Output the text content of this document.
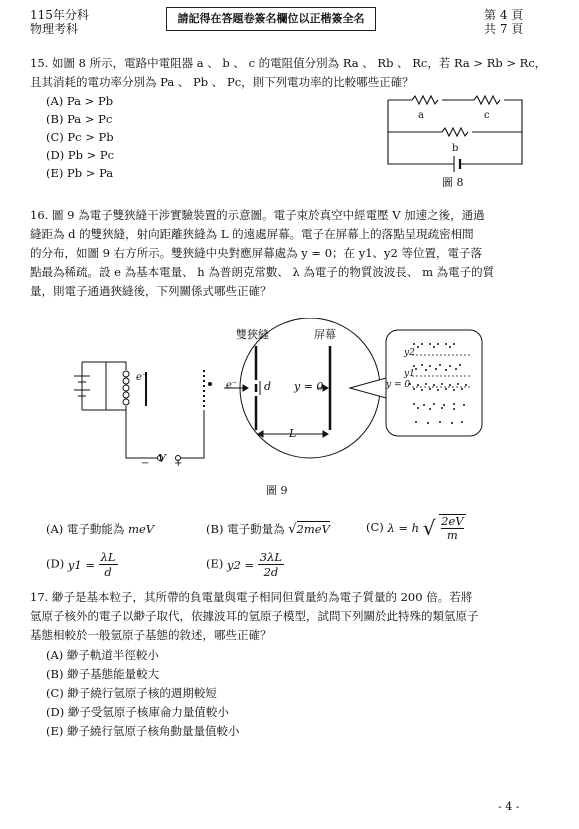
115年分科
物理考科
請記得在答題卷簽名欄位以正楷簽全名	第 4 頁
共 7 頁
15. 如圖 8 所示，電路中電阻器 a 、 b 、 c 的電阻值分別為 Ra 、 Rb 、 Rc，若 Ra > Rb > Rc，
且其消耗的電功率分別為 Pa 、 Pb 、 Pc，則下列電功率的比較哪些正確？
(A) Pa > Pb
(B) Pa > Pc
(C) Pc > Pb
(D) Pb > Pc
(E) Pb > Pa
a	c
b
圖 8
16. 圖 9 為電子雙狹縫干涉實驗裝置的示意圖。電子束於真空中經電壓 V 加速之後，通過
縫距為 d 的雙狹縫，射向距離狹縫為 L 的遠處屏幕。電子在屏幕上的落點呈現疏密相間
的分布，如圖 9 右方所示。雙狹縫中央對應屏幕處為 y = 0；在 y1、y2 等位置，電子落
點最為稀疏。設 e 為基本電量、 h 為普朗克常數、 λ 為電子的物質波波長、 m 為電子的質
量，則電子通過狹縫後，下列關係式哪些正確？
雙狹縫	屏幕
d y = 0
L
− V +
e⁻
e⁻
y2
y1
y = 0
圖 9
(A) 電子動能為 meV	(B) 電子動量為 √2meV	(C) λ = h √ $\frac{2eV}{m}$
(D) $y1 = \frac{\lambda L}{d}$	(E) $y2 = \frac{3\lambda L}{2d}$
17. 緲子是基本粒子，其所帶的負電量與電子相同但質量約為電子質量的 200 倍。若將
氫原子核外的電子以緲子取代，依據波耳的氫原子模型，試問下列關於此特殊的類氫原子
基態相較於一般氫原子基態的敘述，哪些正確？
(A) 緲子軌道半徑較小
(B) 緲子基態能量較大
(C) 緲子繞行氫原子核的週期較短
(D) 緲子受氫原子核庫侖力量值較小
(E) 緲子繞行氫原子核角動量量值較小
- 4 -
